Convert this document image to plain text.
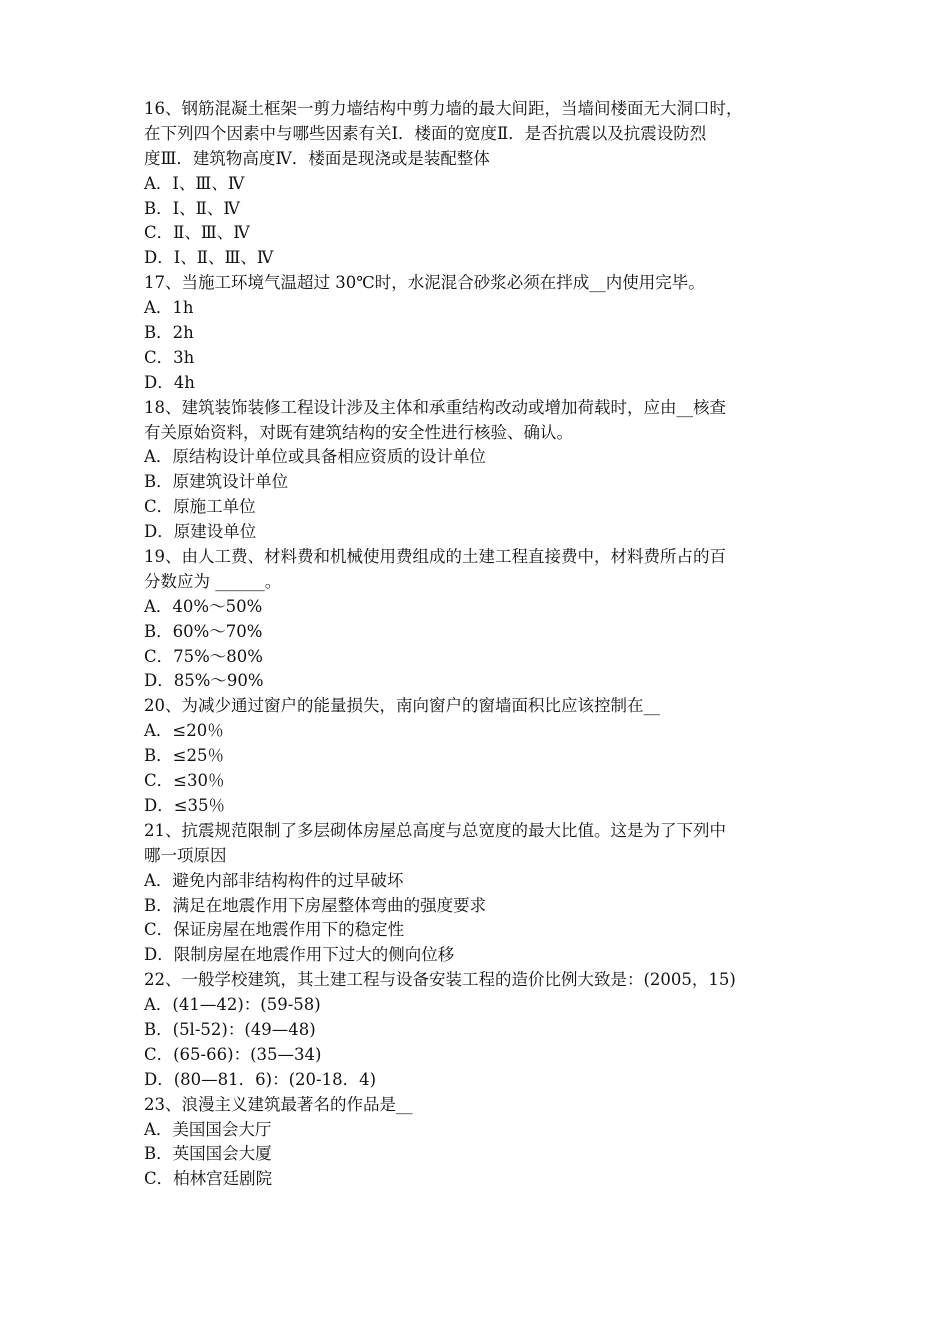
16、钢筋混凝土框架一剪力墙结构中剪力墙的最大间距，当墙间楼面无大洞口时，
在下列四个因素中与哪些因素有关Ⅰ．楼面的宽度Ⅱ．是否抗震以及抗震设防烈
度Ⅲ．建筑物高度Ⅳ．楼面是现浇或是装配整体
A．Ⅰ、Ⅲ、Ⅳ
B．Ⅰ、Ⅱ、Ⅳ
C．Ⅱ、Ⅲ、Ⅳ
D．Ⅰ、Ⅱ、Ⅲ、Ⅳ
17、当施工环境气温超过 30℃时，水泥混合砂浆必须在拌成__内使用完毕。
A．1h
B．2h
C．3h
D．4h
18、建筑装饰装修工程设计涉及主体和承重结构改动或增加荷载时，应由__核查
有关原始资料，对既有建筑结构的安全性进行核验、确认。
A．原结构设计单位或具备相应资质的设计单位
B．原建筑设计单位
C．原施工单位
D．原建设单位
19、由人工费、材料费和机械使用费组成的土建工程直接费中，材料费所占的百
分数应为 ______。
A．40%～50%
B．60%～70%
C．75%～80%
D．85%～90%
20、为减少通过窗户的能量损失，南向窗户的窗墙面积比应该控制在__
A．≤20％
B．≤25％
C．≤30％
D．≤35％
21、抗震规范限制了多层砌体房屋总高度与总宽度的最大比值。这是为了下列中
哪一项原因
A．避免内部非结构构件的过早破坏
B．满足在地震作用下房屋整体弯曲的强度要求
C．保证房屋在地震作用下的稳定性
D．限制房屋在地震作用下过大的侧向位移
22、一般学校建筑，其土建工程与设备安装工程的造价比例大致是：(2005，15)
A．(41—42)：(59-58)
B．(5l-52)：(49—48)
C．(65-66)：(35—34)
D．(80—81．6)：(20-18．4)
23、浪漫主义建筑最著名的作品是__
A．美国国会大厅
B．英国国会大厦
C．柏林宫廷剧院
